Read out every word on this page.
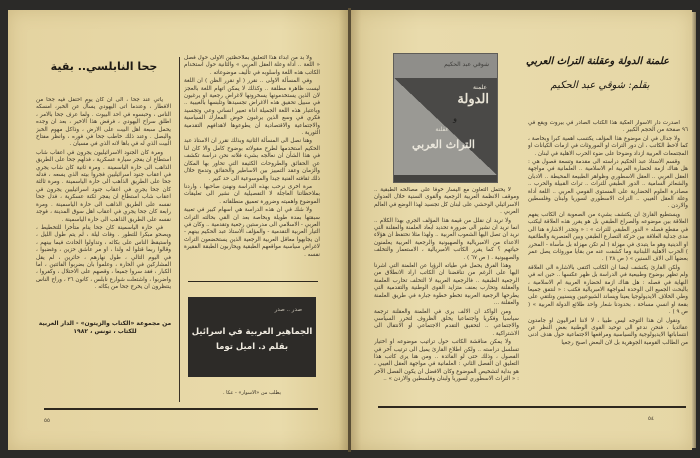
جحا النابلسي.. بقية

يأتي عند جحا ، الى ان كان يوم احتفل فيه جحا من الافطار ، وعندما اتى اليهودي يسأل عن الخبر، امسكه الناس ، وحبسوه في احد البيوت . ولما عرف جحا بالامر ، اطلق سراح اليهودي ، فرفض هذا الاخير ، بعد ان وجده يحمل سبعة اهل البيت على الارض ، وذاكل مهوم الخبز والبصل . وعند ذلك خاطب جحا في فوره ، وانظر مفتاح البيت الذي له في باها لانه الذي في مسيان .

ومرة كان الجنود الاسرائيليون يجرون في اعقاب شاب استطاع ان يفجر سيارة عسكرية ، فدلهم جحا على الطريق الذاهب الى حارة الياسمينة . ومرة ثانية كان شاب يجري في اعقاب جنود اسرائيليين فجروا بيته الذي يسعه ، فدله جحا على الطريق الذاهب الى حارة الياسمينة . ومرة ثالثة كان جحا يجري في اعقاب جنود اسرائيليين يجرون في اعقاب شاب استطاع ان يفجر ثكنة عسكرية ، فدل جحا نفسه على الطريق الذاهب الى حارة الياسمينة . ومرة رابعة كان جحا يجري في اعقاب اهل سوق المدينة ، فوجد نفسه على الطريق الذاهب الى حارة الياسمينة .

في حارة الياسمينة كان جحا ينام متأخرا للتخطيط ، ويصحو مبكرا للتطور . وفات ليلة ، لم يتم طول الليل ، واستيقظ الناس على بكائه ، وتداولوا الحادث فيما بينهم ، وقالوا ربما قتلوا له ولدا ، او مر عاشق حزين ، وغضبوا ، في اليوم التالي ، طول نهارهم ، حائرين ، لم يقل المشاركين في الحارة ، وعلموا بان بضربوا الفائتين ، اما الكبار ، فقد سروا جميعا ، وقصهم على الاحتلال ، وكفروا ، واضربوا ، واشتعلت شوارع نابلس ، كانون ٣٦ ، وراح الناس ينتظرون ان يخرج جحا من بكائه .

ولا بد من ابداء هذا التعليق بملاحظتين الاولى حول فصل « اللغة .. أداة وعلة العقل العربي » والثانية حول استخدام الكاتب هذه اللغة واسلوبه في تأليف موضوعاته .

وفي المسألة الاولى .. نقرر ( او نقرر الظن ) ان اللغة ليست ظاهرة مطلقة .. وكذلك لا يمكن اتهام اللغة بالعجز لان الذين يستخدمونها يسخرونها لاغراض رجعية او يرغبون في سبيل تحقيق هذه الاغراض تجسيدها وتلبسها بالغيبية .. وباعتبار هذه اللغة الجميلة اداة تعبير انساني وعي وتجسيد فكري في وسع الذين يرغبون خوض المعارك السياسية والاجتماعية والاقتصادية أن يطوعوها لاهدافهم التقدمية الثورية .

وهنا نصل الى المسألة الثانية وبذلك نقرر ان الاستاذ عبد الحكيم استخدمها لطرح مقولاته بوضوح كامل والا كان لنا في هذا الشأن ان نعالجه بشيء فلانه نحن دراسة تكشف عن الحقائق والطروحات الكثيفة التي تحاور بها المكان والزمان وعقد التمييز بين الاساطير والحقائق وتدمج خلال ذلك ثقافته الفنية جيدا والموسوعية الى حد كبير .

مرة اخرى نرحب بهذه الدراسة ونهنئ صاحبها ، واردنا بملاحظاتنا العاجلة لا التفصيلية ان نشير الى تعليقات الموضوع واهميته وضرورة تعميق منطلقاته .

ولا شك في ان هذه الدراسة هي اسهام كبير في تعبية سبقتها بمدة طويلة وبخاصة بعد ان القي بحالته التراث العربي - الاسلامي الى مدرستين رجعية وتقدمية .. وكان في التيار العربية التقدمية - والمؤلف الاستاذ عبد الحكيم بينهم - ان يجابهوا معاقل العربية الرجعية الذين يستخضعون التراث لاغراض سياسية مواقعهم الطبقية ويحاربون الطبقة الفقيرة نفسه .

صدر .. صدر
الجماهير العربية في اسرائيل
بقلم د. اميل توما
يطلب من «الاسوار» - عكا .
من مجموعة «الكتاب والزيتون» - الدار العربية للكتاب ، تونس ، ١٩٨٢
٥٥
شوقي عبد الحكيم
علمنة
الدولة
و
عقلنة
التراث العربي
علمنة الدولة وعقلنة التراث العربي
بقلم: شوقي عبد الحكيم

اصدرت دار الاسوار العكية هذا الكتاب الصادر في بيروت ويقع في ٩٦ صفحة من الحجم الكبير .

ولا جدال في ان موضوع هذا المؤلف يكتسب اهمية كبرا وبخاصة ، كما لاحظ الكاتب ، ان دور التراث او الموروثات في ازمات الكيانات او المجتمعات العربية ازداد وضوحا على ضوء الحرب الاهلية في لبنان .

وقسم الاستاذ عبد الحكيم دراسته الى مقدمة وتسعة فصول هي : هل هناك ازمة لحضارة العربية ام الاسلامية .. العلمانية في مواجهة العقل الغربي .. العقل الاسطوري وظواهر الطبيعة المحيطة .. الادبان والشعائر السامية .. الدور الطبقي للتراث .. تراث القبيلة والحرب .. مصادرة العلوم الحضارية على المستوى القومي العربي .. اللغة أداة وعلة العقل الغيبي .. التراث الاسطوري لسوريا ولبنان وفلسطين والاردن .

ويستطيع القارئ ان يكتشف بشيء من الصعوبة ان الكاتب يفهم العلاقة بين موضوعه والصراع الطبقي بل هو يقرر هذه العلاقة ليكتب في مقطع فصله « الدور الطبقي للتراث » : « وتجدر الاشارة هنا الى مدى جدلية العلاقة بين حركة التصارع الطبقي وبين العنصرية والطائفية او الدينية وهو ما يتبدى في مهزلة ( لم تكن مهزلة بل مأساة - المحرر ) الحرب الاهلية اللبنانية وما كشفت عنه من بقايا موروثات يصل عمر بعضها الى الاف السنين » ( ص ٣٨ ) .

ولكن القارئ يكتشف ايضا ان الكاتب اكتفى بالاشارة الى العلاقة ولم تظهر بوضوح وطبيعية في الدراسة بل ظهر عكسها .. حين انه في النهاية في فصله : هل هناك ازمة لحضارة العربية ام الاسلامية ، بالبحث الجميع الى الوحدة لمواجهة الامبريالية فكتب : « لنتفق جميعا وطي الخلاف الايديولوجيا يعينا ويساند الشيوعيين ويسنيين ونلتقي على بقعة او انسي مساحة ، بحدودنا شعار واحد طلائع الدولة العربية » ( ص ٩ ) .

ونقول ان هذا التوجه ليس طبيا ، لا لاننا امراليون او جامدون عقائديا ، فنحن ندعو الى توحيد القوى الوطنية بغض النظر عن انتساباتها الايديولوجية والسياسية ومرافعها الاجتماعية حول هدف ادنى من الطالب القومية الجوهرية بل لان البعض اصبح رجعيا

لا يحتمل التعاون مع اليسار خوفا على مصالحه الطبقية .. وموقف الانظمة العربية الرجعية والقوى السنية خلال العدوان الاسرائيلي الوحشي على لبنان كل تجسيد لهذا الوضع في العالم العربي .

ولا نريد ان نقلل من قيمة هذا المؤلف الجري بهذا الكلام .. انما نريد ان نشير الى ضرورة تحديد ابعاد العلمنة والعقلنة التي نريد ان تصل اليها الشعوب العربية .. ولهذا مثلا نحتفظ ان هؤلاء الاعداء من الامبريالية والصهيونية والرجعية العربية يعلمنون حياتهم ؟ كما يقرر الكاتب الامبريالية ، الاستعمار والتخلف والصهيونية . ( ص ٦٧ ) .

وهذا الفرق يحمل في طياته الرؤيا عن العلمنة التي اشرنا اليها على الرغم من تناقضنا ان الكاتب اراد الانطلاق من الرجعية الطبقية .. فالرجعية العربية لا التخلف تحارب العلمنة والعقلنة وتحارب بعنف متزايد القوى الوطنية والتقدمية التي يطرحها الرجعية العربية تخطو خطوة جبارة في طريق العلمنة والعقلنة ...

ومن الواكد ان الالف يرى في العلمنة والعقلنة ترجمة سياسيا وفكريا واجتماعيا يخلق الظروف لتحرر السياسي والاجتماعي .. لتحقيق التقدم الاجتماعي او الانتقال الى الاشتراكية .

ولا يمكن مناقشة الكاتب حول تراتيب موضوعه او اختيار تسلسل دراسته .. ولكن اطلاع القارئ يميل الى ترتيب آخر في الفصول ، وذلك حتى لو الفائدة .. ومن هنا يرى كاتب هذا التعليق ان الفصل الثاني : العلمانية في مواجهة العقل الغيبي ، هو بداية لتشخيص الموضوع وكان الافضل ان يكون الفصل الآخر : « التراث الاسطوري لسوريا ولبنان وفلسطين والاردن » ..

٥٤
